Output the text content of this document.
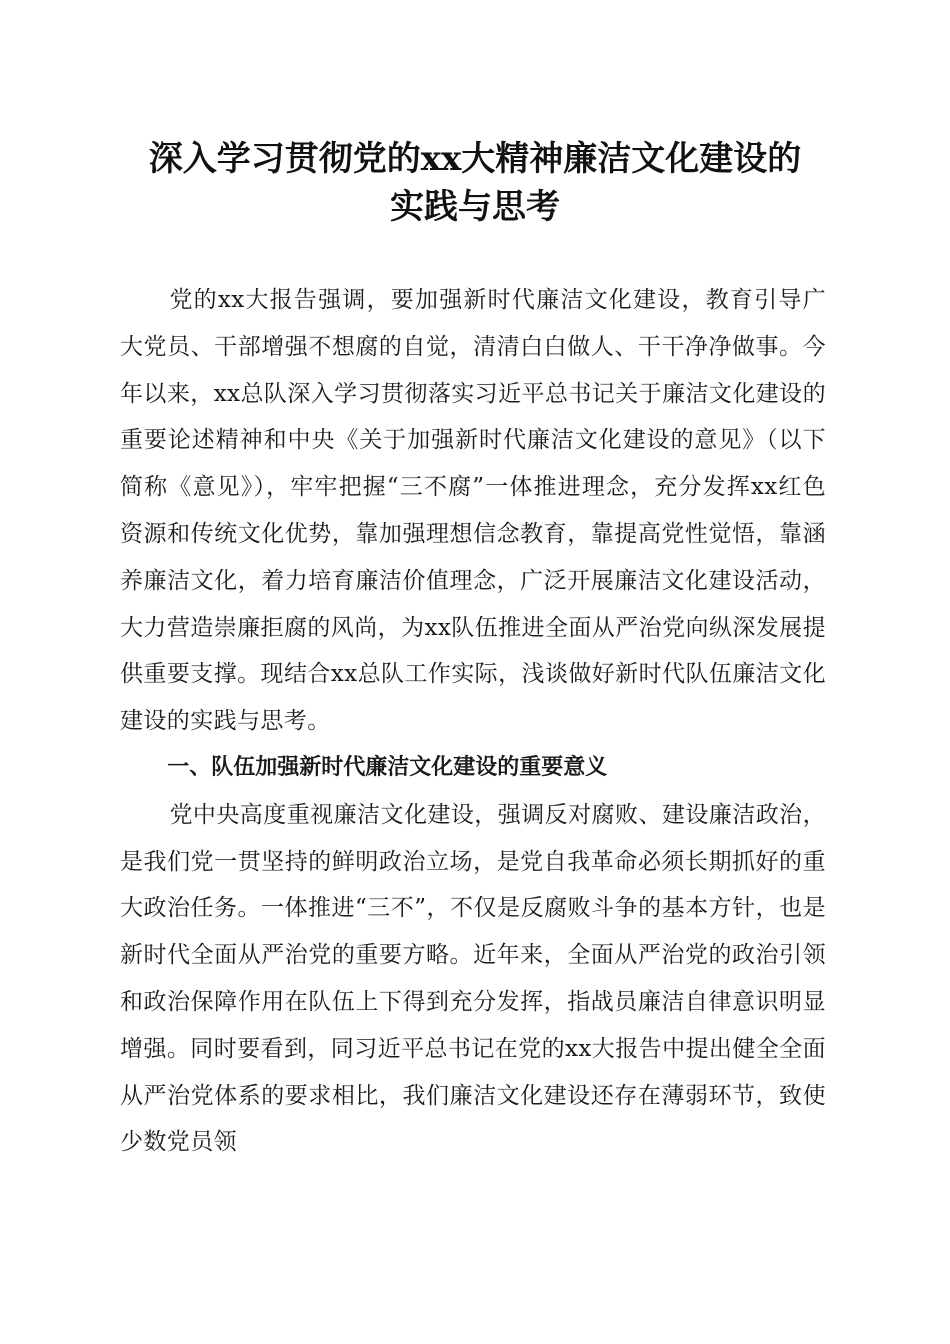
深入学习贯彻党的xx大精神廉洁文化建设的
实践与思考

党的xx大报告强调，要加强新时代廉洁文化建设，教育引导广大党员、干部增强不想腐的自觉，清清白白做人、干干净净做事。今年以来，xx总队深入学习贯彻落实习近平总书记关于廉洁文化建设的重要论述精神和中央《关于加强新时代廉洁文化建设的意见》（以下简称《意见》），牢牢把握“三不腐”一体推进理念，充分发挥xx红色资源和传统文化优势，靠加强理想信念教育，靠提高党性觉悟，靠涵养廉洁文化，着力培育廉洁价值理念，广泛开展廉洁文化建设活动，大力营造崇廉拒腐的风尚，为xx队伍推进全面从严治党向纵深发展提供重要支撑。现结合xx总队工作实际，浅谈做好新时代队伍廉洁文化建设的实践与思考。

一、队伍加强新时代廉洁文化建设的重要意义

党中央高度重视廉洁文化建设，强调反对腐败、建设廉洁政治，是我们党一贯坚持的鲜明政治立场，是党自我革命必须长期抓好的重大政治任务。一体推进“三不”，不仅是反腐败斗争的基本方针，也是新时代全面从严治党的重要方略。近年来，全面从严治党的政治引领和政治保障作用在队伍上下得到充分发挥，指战员廉洁自律意识明显增强。同时要看到，同习近平总书记在党的xx大报告中提出健全全面从严治党体系的要求相比，我们廉洁文化建设还存在薄弱环节，致使少数党员领
